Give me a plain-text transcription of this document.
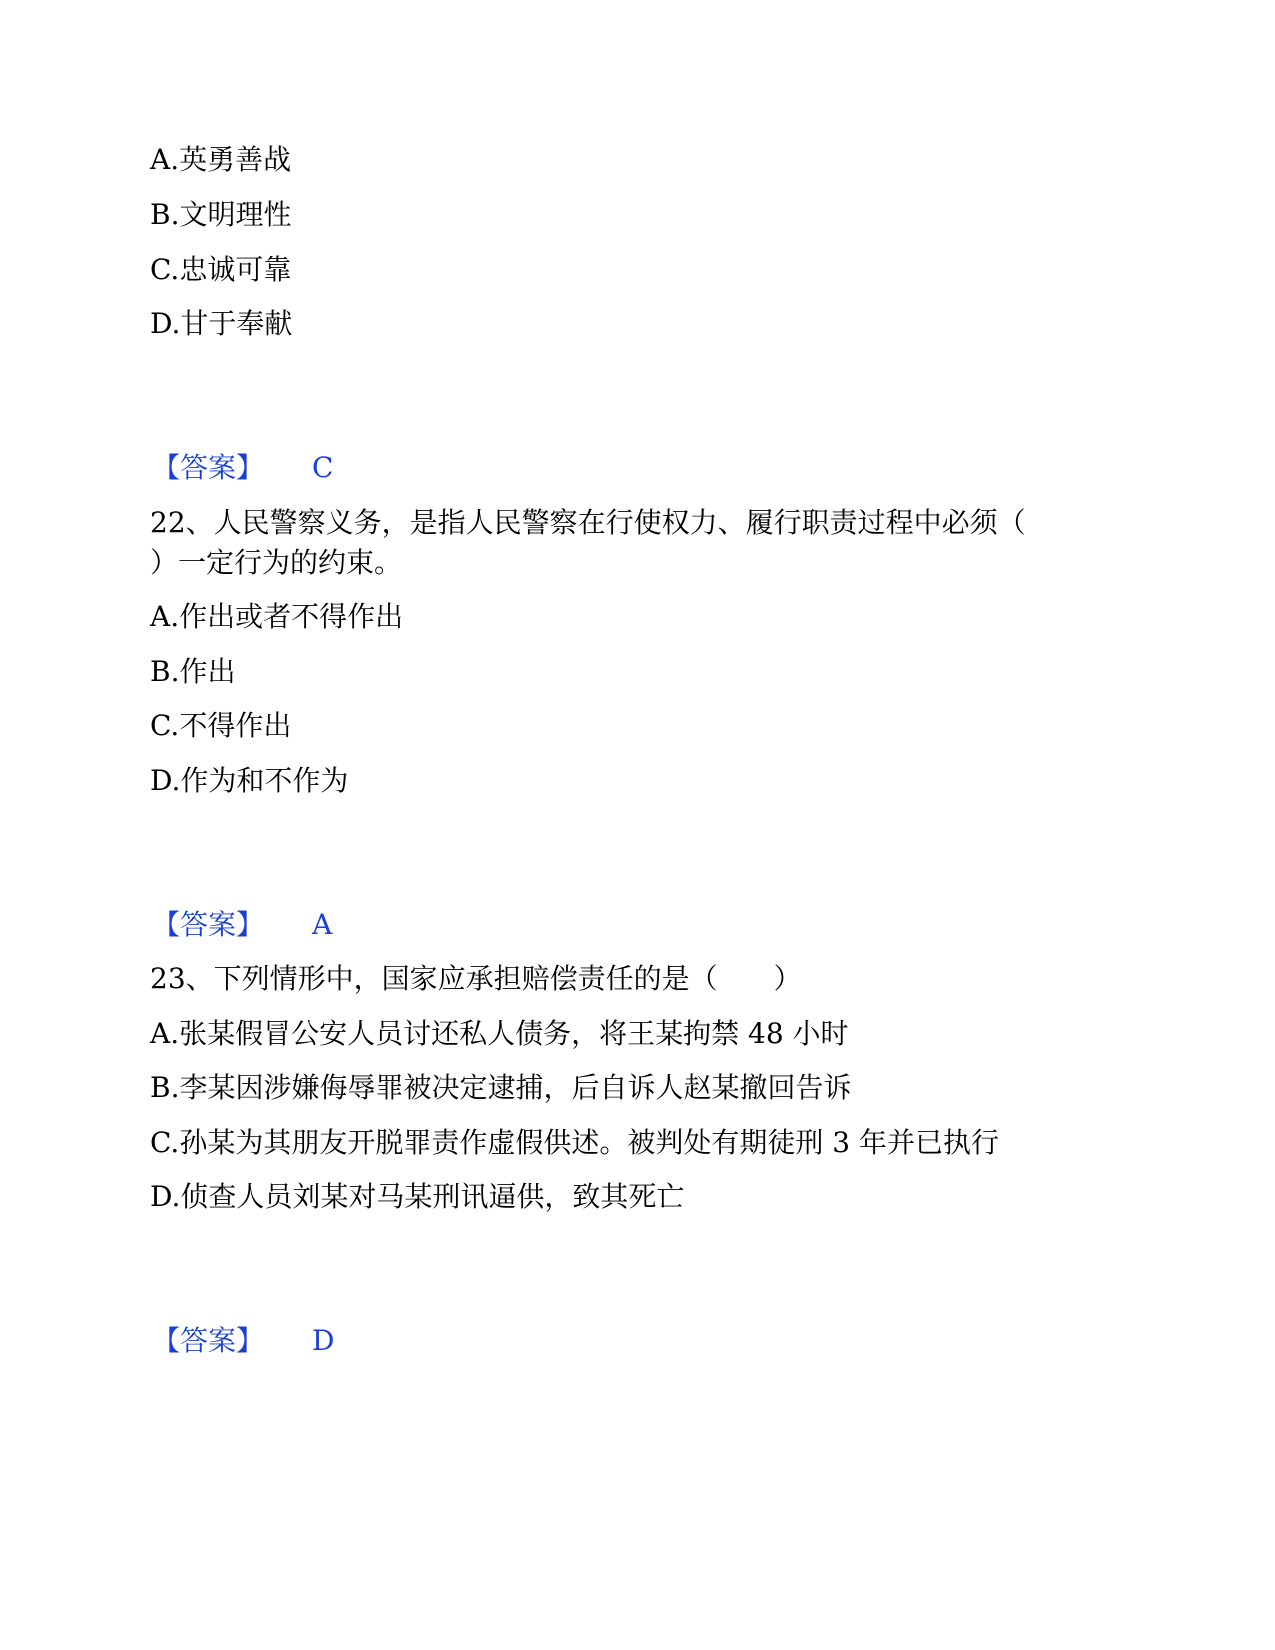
A.英勇善战
B.文明理性
C.忠诚可靠
D.甘于奉献
【答案】 C
22、人民警察义务，是指人民警察在行使权力、履行职责过程中必须（
）一定行为的约束。
A.作出或者不得作出
B.作出
C.不得作出
D.作为和不作为
【答案】 A
23、下列情形中，国家应承担赔偿责任的是（　　）
A.张某假冒公安人员讨还私人债务，将王某拘禁 48 小时
B.李某因涉嫌侮辱罪被决定逮捕，后自诉人赵某撤回告诉
C.孙某为其朋友开脱罪责作虚假供述。被判处有期徒刑 3 年并已执行
D.侦查人员刘某对马某刑讯逼供，致其死亡
【答案】 D
